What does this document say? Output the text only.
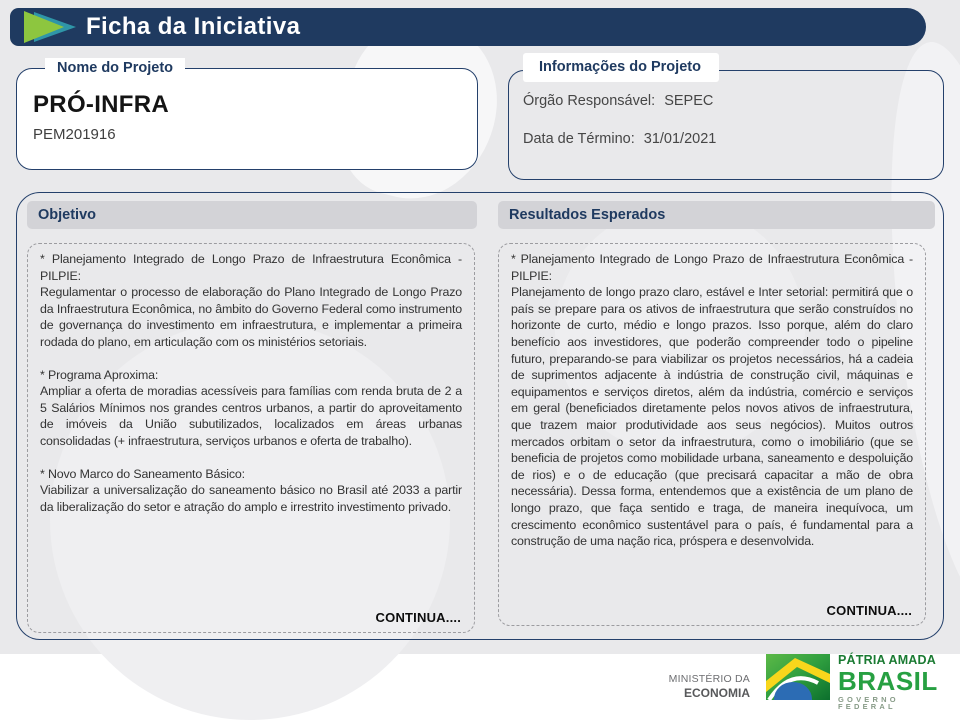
Ficha da Iniciativa
Nome do Projeto
PRÓ-INFRA
PEM201916
Informações do Projeto
Órgão Responsável: SEPEC
Data de Término: 31/01/2021
Objetivo	Resultados Esperados
* Planejamento Integrado de Longo Prazo de Infraestrutura Econômica - PILPIE:
Regulamentar o processo de elaboração do Plano Integrado de Longo Prazo da Infraestrutura Econômica, no âmbito do Governo Federal como instrumento de governança do investimento em infraestrutura, e implementar a primeira rodada do plano, em articulação com os ministérios setoriais.
* Programa Aproxima:
Ampliar a oferta de moradias acessíveis para famílias com renda bruta de 2 a 5 Salários Mínimos nos grandes centros urbanos, a partir do aproveitamento de imóveis da União subutilizados, localizados em áreas urbanas consolidadas (+ infraestrutura, serviços urbanos e oferta de trabalho).
* Novo Marco do Saneamento Básico:
Viabilizar a universalização do saneamento básico no Brasil até 2033 a partir da liberalização do setor e atração do amplo e irrestrito investimento privado.
CONTINUA....
* Planejamento Integrado de Longo Prazo de Infraestrutura Econômica - PILPIE:
Planejamento de longo prazo claro, estável e Inter setorial: permitirá que o país se prepare para os ativos de infraestrutura que serão construídos no horizonte de curto, médio e longo prazos. Isso porque, além do claro benefício aos investidores, que poderão compreender todo o pipeline futuro, preparando-se para viabilizar os projetos necessários, há a cadeia de suprimentos adjacente à indústria de construção civil, máquinas e equipamentos e serviços diretos, além da indústria, comércio e serviços em geral (beneficiados diretamente pelos novos ativos de infraestrutura, que trazem maior produtividade aos seus negócios). Muitos outros mercados orbitam o setor da infraestrutura, como o imobiliário (que se beneficia de projetos como mobilidade urbana, saneamento e despoluição de rios) e o de educação (que precisará capacitar a mão de obra necessária). Dessa forma, entendemos que a existência de um plano de longo prazo, que faça sentido e traga, de maneira inequívoca, um crescimento econômico sustentável para o país, é fundamental para a construção de uma nação rica, próspera e desenvolvida.
CONTINUA....
MINISTÉRIO DA
ECONOMIA
PÁTRIA AMADA
BRASIL
GOVERNO FEDERAL
